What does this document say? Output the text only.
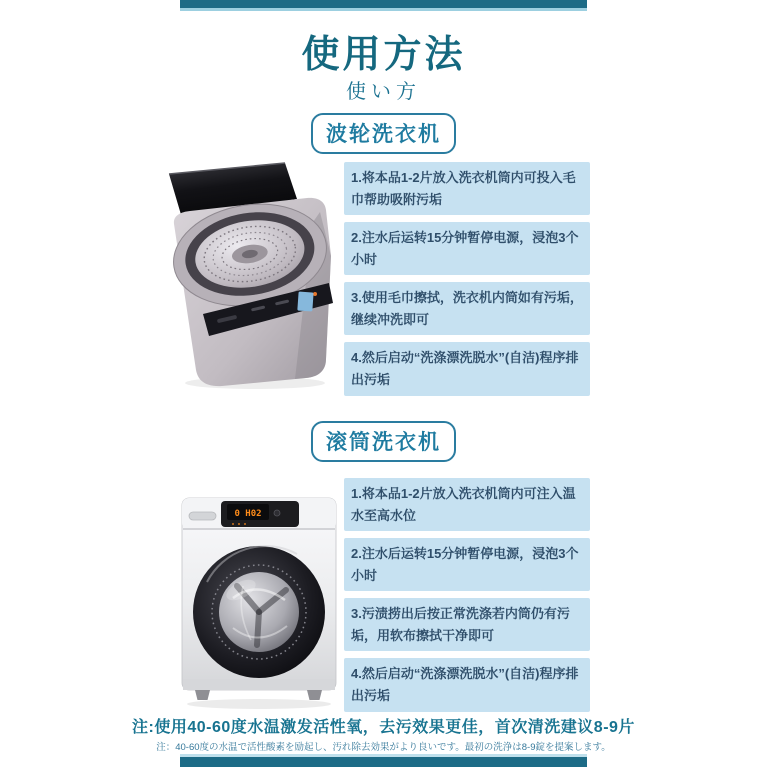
使用方法
使い方
波轮洗衣机
1.将本品1-2片放入洗衣机筒内可投入毛巾帮助吸附污垢
2.注水后运转15分钟暂停电源，浸泡3个小时
3.使用毛巾擦拭，洗衣机内筒如有污垢，继续冲洗即可
4.然后启动“洗涤漂洗脱水”(自洁)程序排出污垢
滚筒洗衣机
0 H02
1.将本品1-2片放入洗衣机筒内可注入温水至高水位
2.注水后运转15分钟暂停电源，浸泡3个小时
3.污渍捞出后按正常洗涤若内筒仍有污垢，用软布擦拭干净即可
4.然后启动“洗涤漂洗脱水”(自洁)程序排出污垢
注:使用40-60度水温激发活性氧，去污效果更佳，首次清洗建议8-9片
注：40-60度の水温で活性酸素を励起し、汚れ除去効果がより良いです。最初の洗浄は8-9錠を提案します。
